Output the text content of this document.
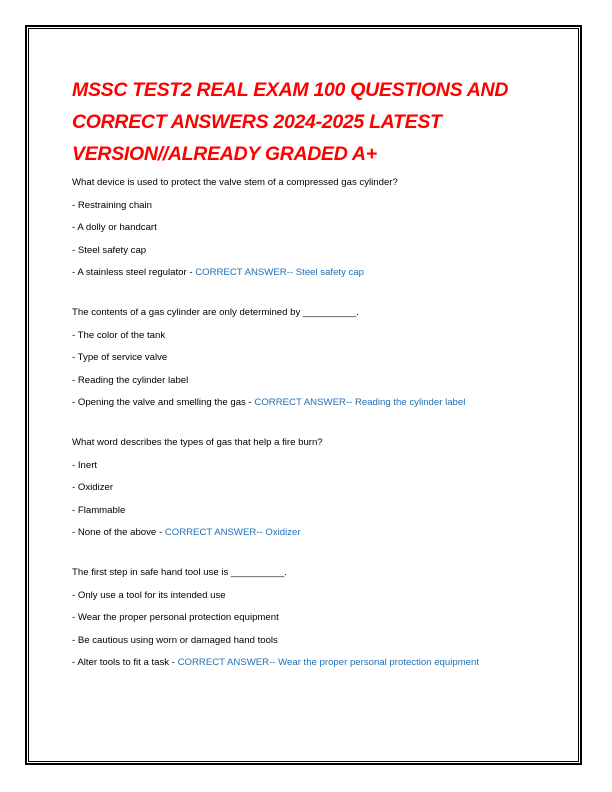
MSSC TEST2 REAL EXAM 100 QUESTIONS AND CORRECT ANSWERS 2024-2025 LATEST VERSION//ALREADY GRADED A+
What device is used to protect the valve stem of a compressed gas cylinder?
- Restraining chain
- A dolly or handcart
- Steel safety cap
- A stainless steel regulator - CORRECT ANSWER-- Steel safety cap
The contents of a gas cylinder are only determined by __________.
- The color of the tank
- Type of service valve
- Reading the cylinder label
- Opening the valve and smelling the gas - CORRECT ANSWER-- Reading the cylinder label
What word describes the types of gas that help a fire burn?
- Inert
- Oxidizer
- Flammable
- None of the above - CORRECT ANSWER-- Oxidizer
The first step in safe hand tool use is __________.
- Only use a tool for its intended use
- Wear the proper personal protection equipment
- Be cautious using worn or damaged hand tools
- Alter tools to fit a task - CORRECT ANSWER-- Wear the proper personal protection equipment
